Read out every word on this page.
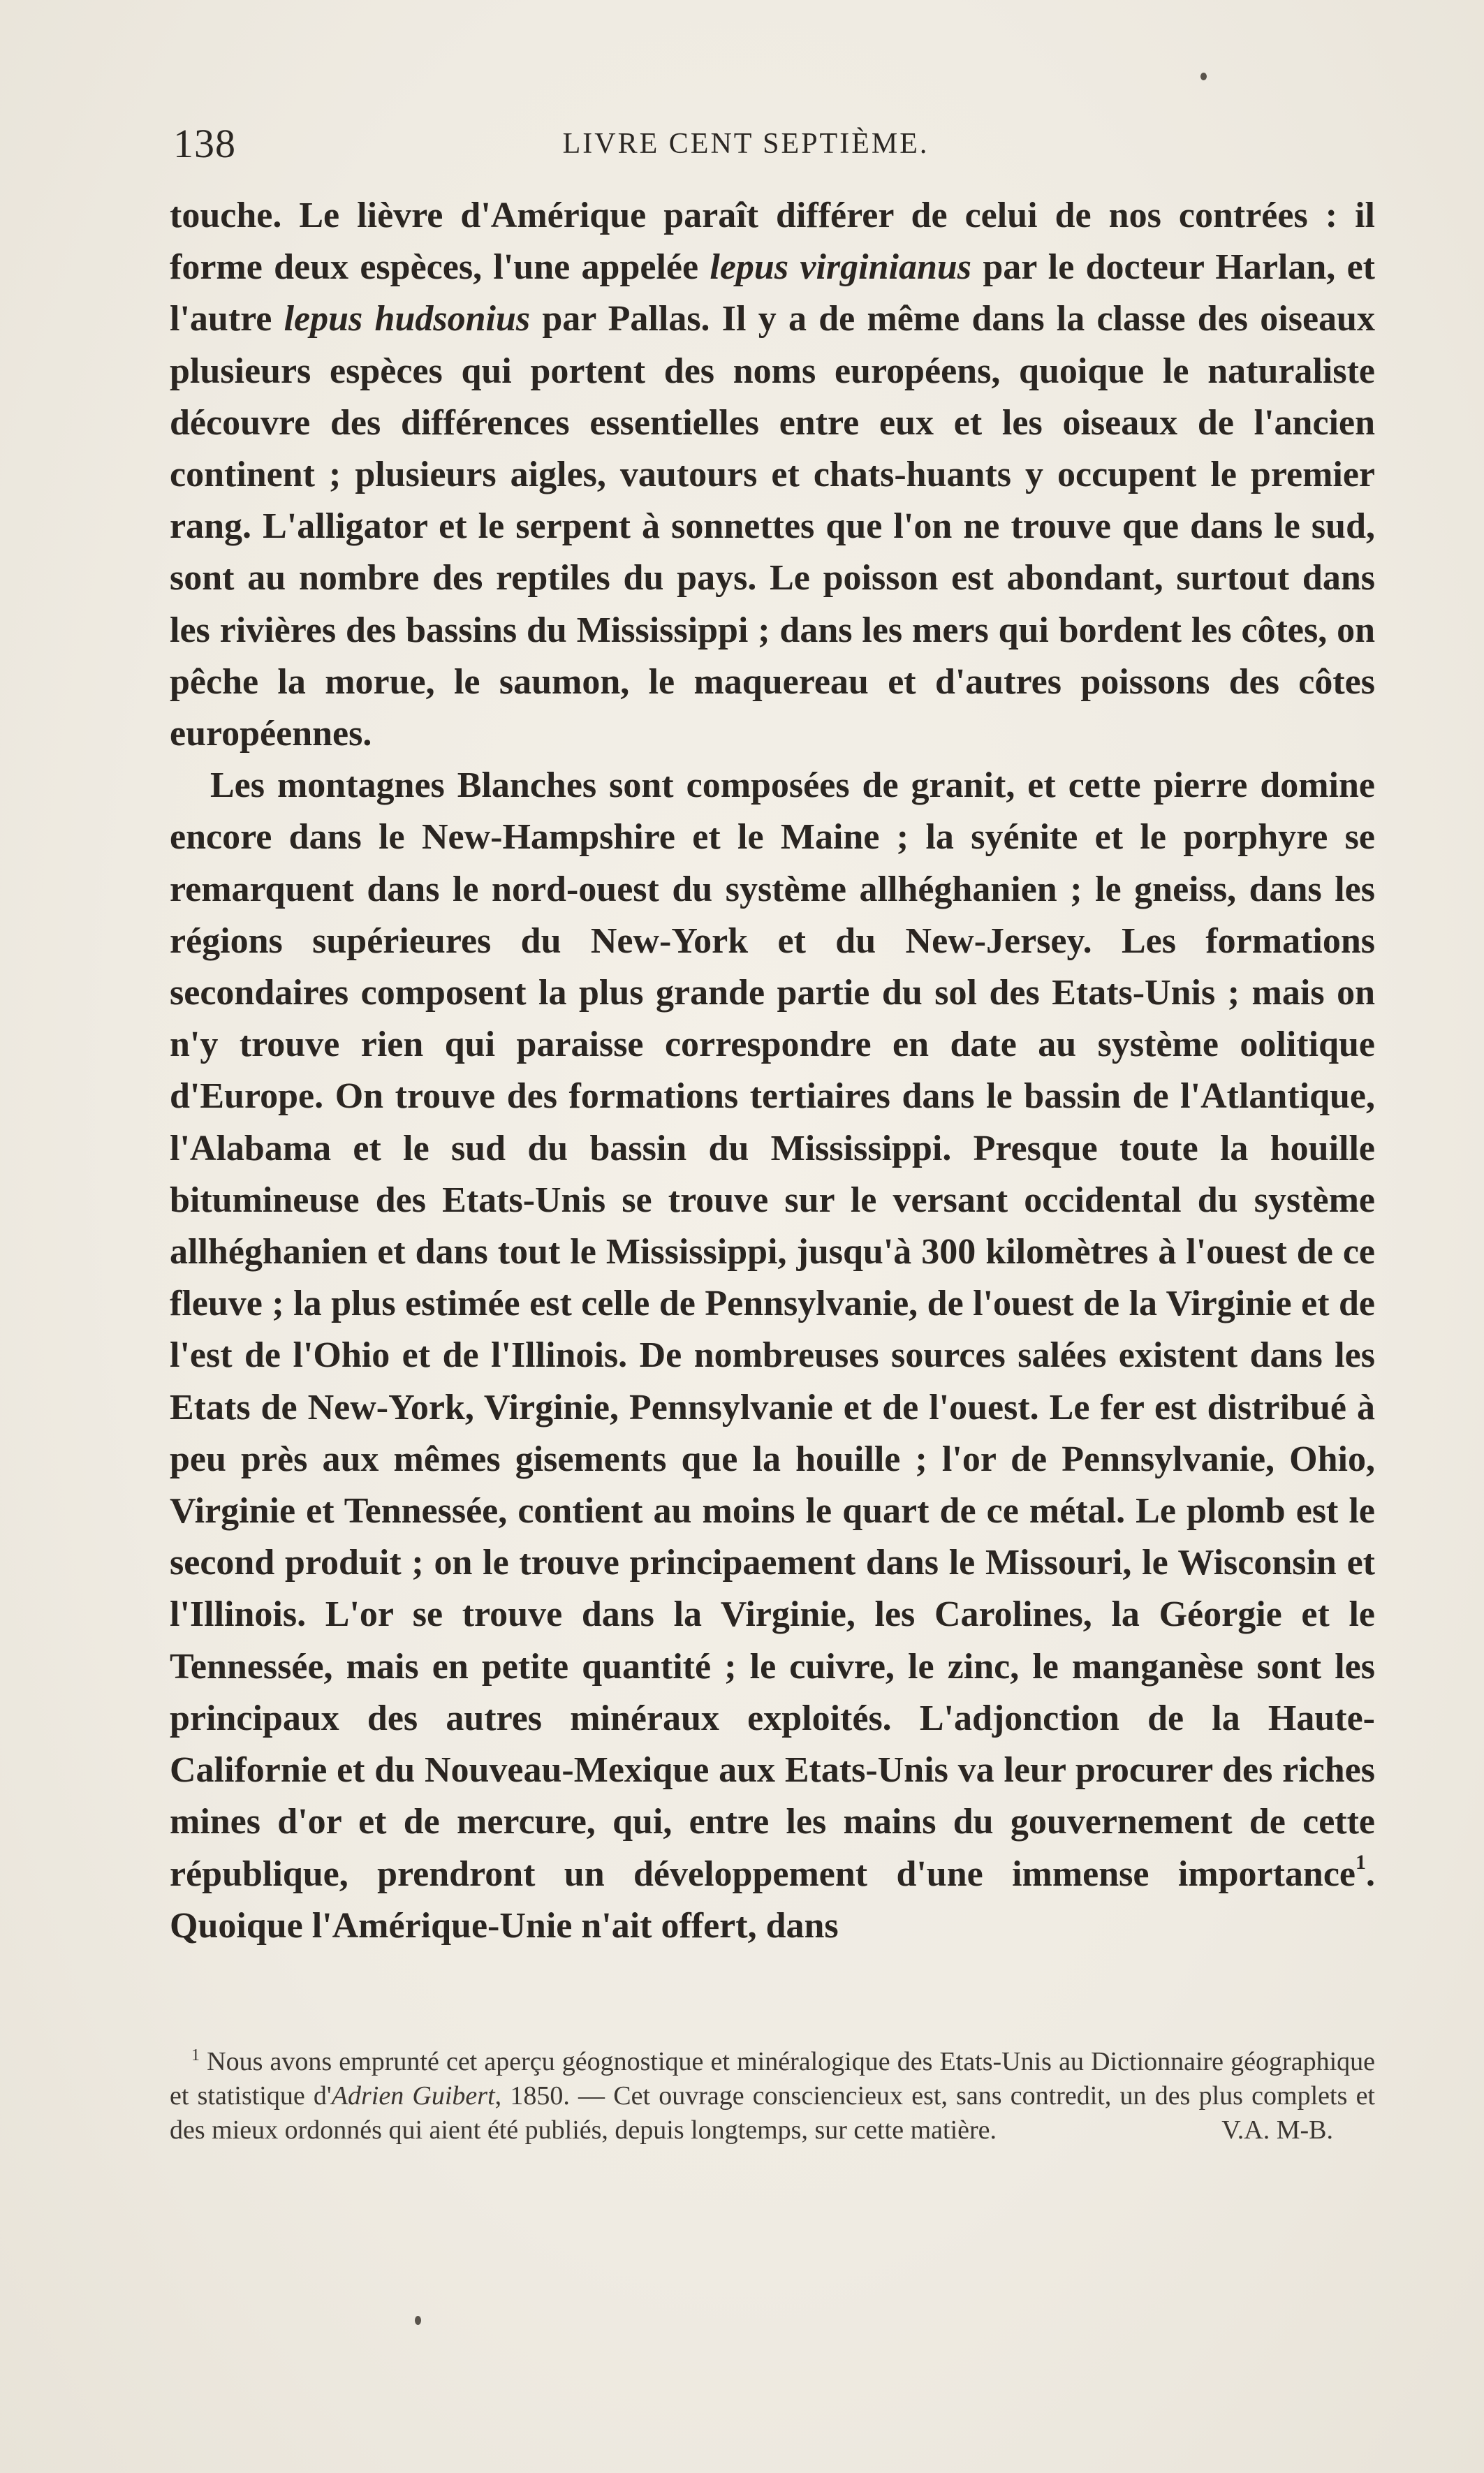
138	LIVRE CENT SEPTIÈME.

touche. Le lièvre d'Amérique paraît différer de celui de nos contrées : il forme deux espèces, l'une appelée lepus virginianus par le docteur Harlan, et l'autre lepus hudsonius par Pallas. Il y a de même dans la classe des oiseaux plusieurs espèces qui portent des noms européens, quoique le naturaliste découvre des différences essentielles entre eux et les oiseaux de l'ancien continent ; plusieurs aigles, vautours et chats-huants y occupent le premier rang. L'alligator et le serpent à sonnettes que l'on ne trouve que dans le sud, sont au nombre des reptiles du pays. Le poisson est abondant, surtout dans les rivières des bassins du Mississippi ; dans les mers qui bordent les côtes, on pêche la morue, le saumon, le maquereau et d'autres poissons des côtes européennes.

Les montagnes Blanches sont composées de granit, et cette pierre domine encore dans le New-Hampshire et le Maine ; la syénite et le porphyre se remarquent dans le nord-ouest du système allhéghanien ; le gneiss, dans les régions supérieures du New-York et du New-Jersey. Les formations secondaires composent la plus grande partie du sol des Etats-Unis ; mais on n'y trouve rien qui paraisse correspondre en date au système oolitique d'Europe. On trouve des formations tertiaires dans le bassin de l'Atlantique, l'Alabama et le sud du bassin du Mississippi. Presque toute la houille bitumineuse des Etats-Unis se trouve sur le versant occidental du système allhéghanien et dans tout le Mississippi, jusqu'à 300 kilomètres à l'ouest de ce fleuve ; la plus estimée est celle de Pennsylvanie, de l'ouest de la Virginie et de l'est de l'Ohio et de l'Illinois. De nombreuses sources salées existent dans les Etats de New-York, Virginie, Pennsylvanie et de l'ouest. Le fer est distribué à peu près aux mêmes gisements que la houille ; l'or de Pennsylvanie, Ohio, Virginie et Tennessée, contient au moins le quart de ce métal. Le plomb est le second produit ; on le trouve principaement dans le Missouri, le Wisconsin et l'Illinois. L'or se trouve dans la Virginie, les Carolines, la Géorgie et le Tennessée, mais en petite quantité ; le cuivre, le zinc, le manganèse sont les principaux des autres minéraux exploités. L'adjonction de la Haute-Californie et du Nouveau-Mexique aux Etats-Unis va leur procurer des riches mines d'or et de mercure, qui, entre les mains du gouvernement de cette république, prendront un développement d'une immense importance$^1$. Quoique l'Amérique-Unie n'ait offert, dans

$^1$ Nous avons emprunté cet aperçu géognostique et minéralogique des Etats-Unis au Dictionnaire géographique et statistique d'Adrien Guibert, 1850. — Cet ouvrage consciencieux est, sans contredit, un des plus complets et des mieux ordonnés qui aient été publiés, depuis longtemps, sur cette matière.	V.A. M-B.
